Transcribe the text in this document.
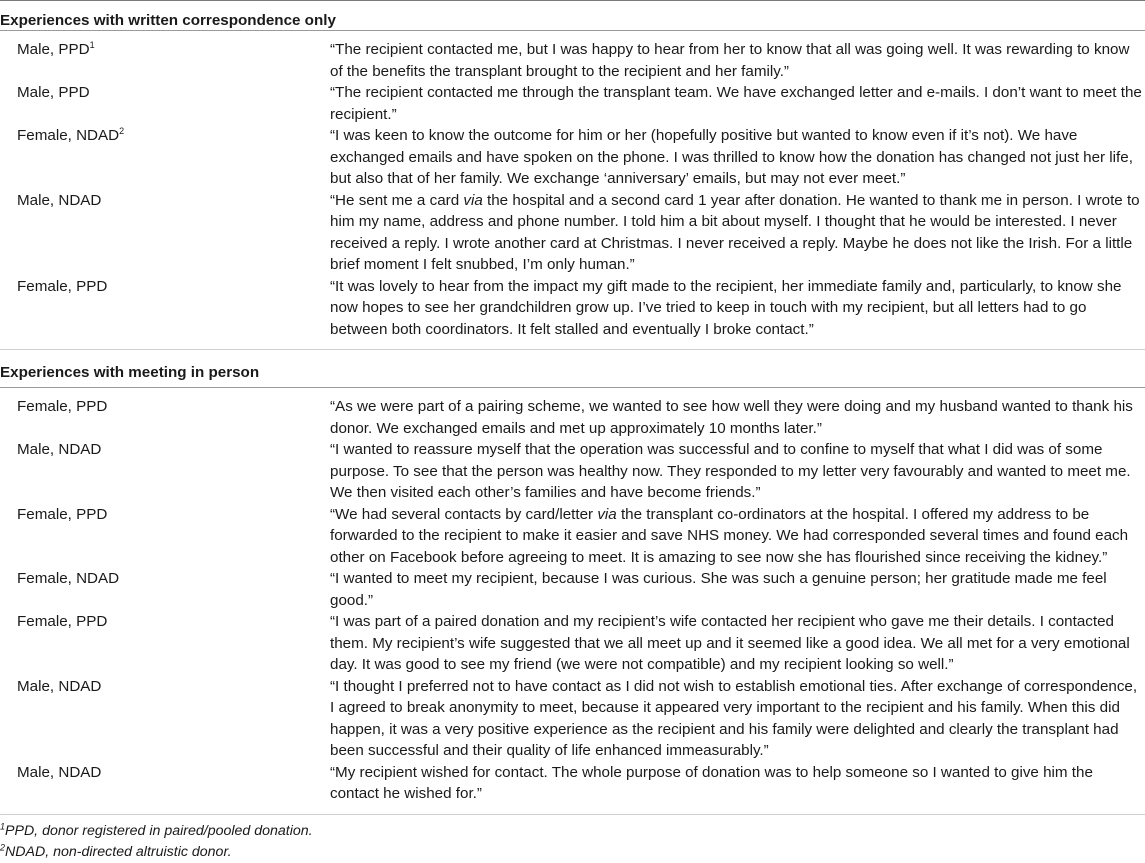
Experiences with written correspondence only
Male, PPD$^1$	“The recipient contacted me, but I was happy to hear from her to know that all was going well. It was rewarding to know of the benefits the transplant brought to the recipient and her family.”
Male, PPD	“The recipient contacted me through the transplant team. We have exchanged letter and e-mails. I don’t want to meet the recipient.”
Female, NDAD$^2$	“I was keen to know the outcome for him or her (hopefully positive but wanted to know even if it’s not). We have exchanged emails and have spoken on the phone. I was thrilled to know how the donation has changed not just her life, but also that of her family. We exchange ‘anniversary’ emails, but may not ever meet.”
Male, NDAD	“He sent me a card via the hospital and a second card 1 year after donation. He wanted to thank me in person. I wrote to him my name, address and phone number. I told him a bit about myself. I thought that he would be interested. I never received a reply. I wrote another card at Christmas. I never received a reply. Maybe he does not like the Irish. For a little brief moment I felt snubbed, I’m only human.”
Female, PPD	“It was lovely to hear from the impact my gift made to the recipient, her immediate family and, particularly, to know she now hopes to see her grandchildren grow up. I’ve tried to keep in touch with my recipient, but all letters had to go between both coordinators. It felt stalled and eventually I broke contact.”
Experiences with meeting in person
Female, PPD	“As we were part of a pairing scheme, we wanted to see how well they were doing and my husband wanted to thank his donor. We exchanged emails and met up approximately 10 months later.”
Male, NDAD	“I wanted to reassure myself that the operation was successful and to confine to myself that what I did was of some purpose. To see that the person was healthy now. They responded to my letter very favourably and wanted to meet me. We then visited each other’s families and have become friends.”
Female, PPD	“We had several contacts by card/letter via the transplant co-ordinators at the hospital. I offered my address to be forwarded to the recipient to make it easier and save NHS money. We had corresponded several times and found each other on Facebook before agreeing to meet. It is amazing to see now she has flourished since receiving the kidney.”
Female, NDAD	“I wanted to meet my recipient, because I was curious. She was such a genuine person; her gratitude made me feel good.”
Female, PPD	“I was part of a paired donation and my recipient’s wife contacted her recipient who gave me their details. I contacted them. My recipient’s wife suggested that we all meet up and it seemed like a good idea. We all met for a very emotional day. It was good to see my friend (we were not compatible) and my recipient looking so well.”
Male, NDAD	“I thought I preferred not to have contact as I did not wish to establish emotional ties. After exchange of correspondence, I agreed to break anonymity to meet, because it appeared very important to the recipient and his family. When this did happen, it was a very positive experience as the recipient and his family were delighted and clearly the transplant had been successful and their quality of life enhanced immeasurably.”
Male, NDAD	“My recipient wished for contact. The whole purpose of donation was to help someone so I wanted to give him the contact he wished for.”
$^1$PPD, donor registered in paired/pooled donation.
$^2$NDAD, non-directed altruistic donor.
